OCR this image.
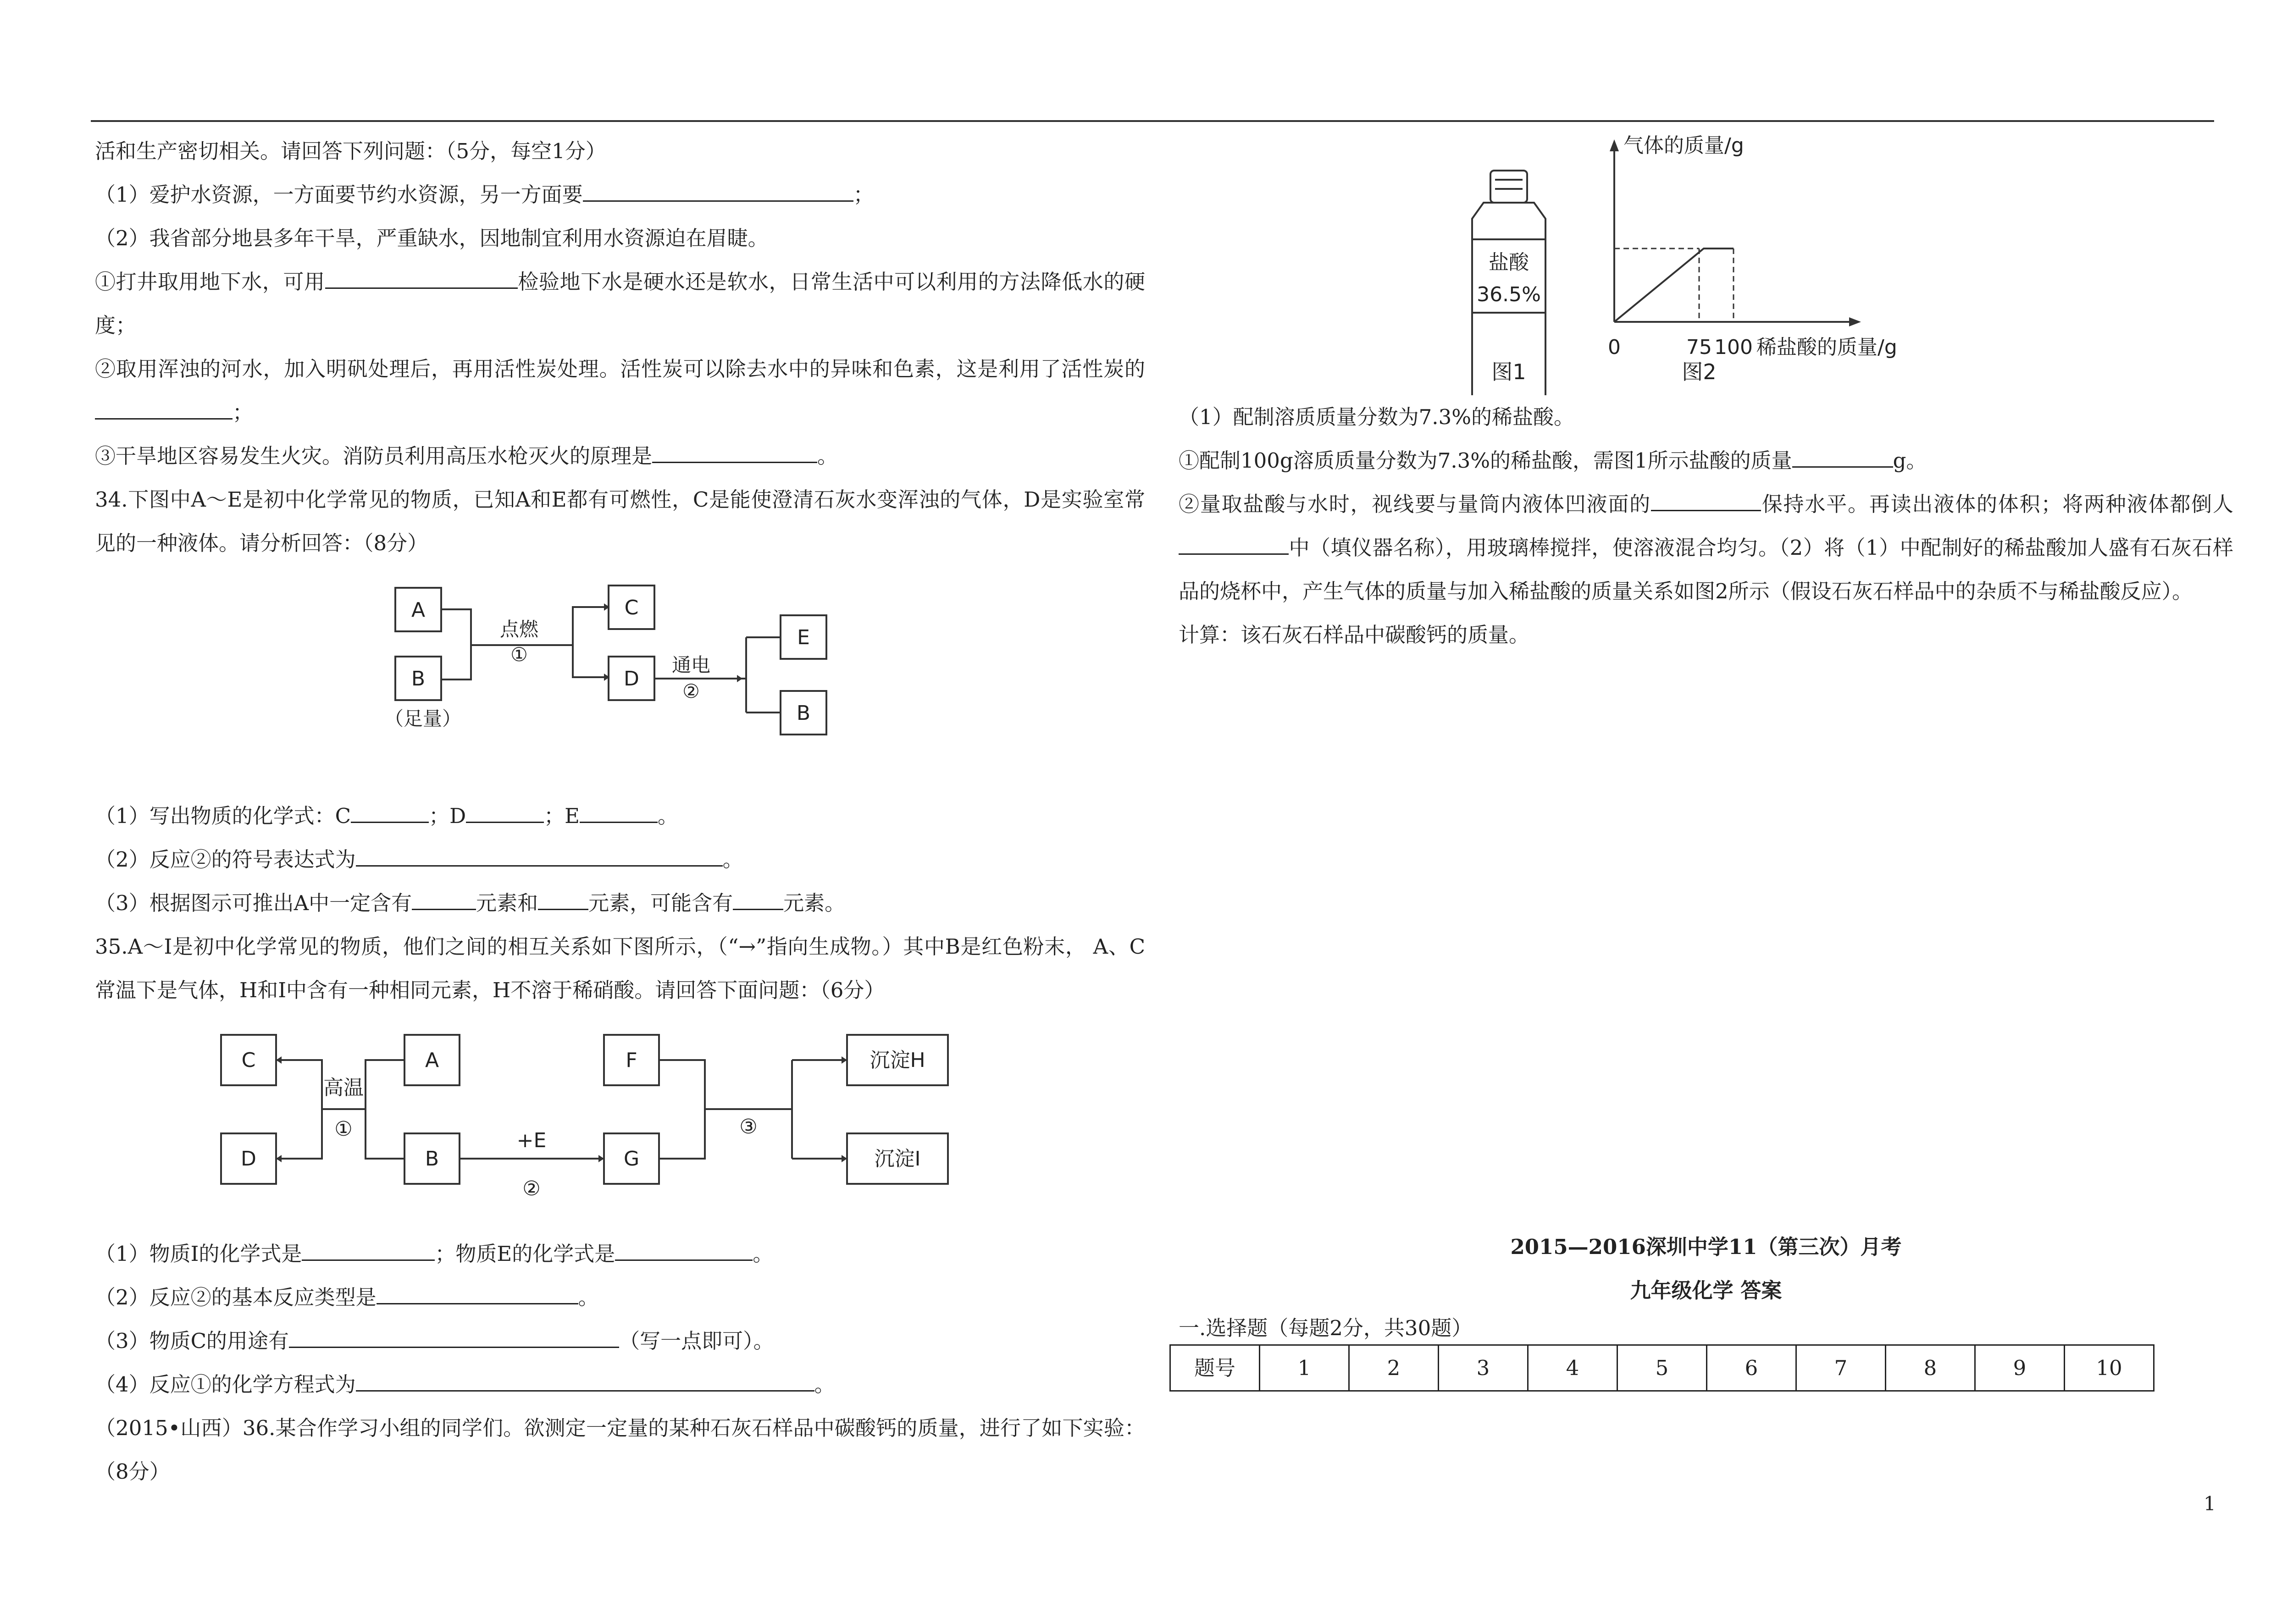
活和生产密切相关。请回答下列问题：（5分，每空1分）

（1）爱护水资源，一方面要节约水资源，另一方面要	；

（2）我省部分地县多年干旱，严重缺水，因地制宜利用水资源迫在眉睫。

①打井取用地下水，可用	检验地下水是硬水还是软水，日常生活中可以利用的方法降低水的硬度；

②取用浑浊的河水，加入明矾处理后，再用活性炭处理。活性炭可以除去水中的异味和色素，这是利用了活性炭的；

③干旱地区容易发生火灾。消防员利用高压水枪灭火的原理是	。

34.下图中A～E是初中化学常见的物质，已知A和E都有可燃性，C是能使澄清石灰水变浑浊的气体，D是实验室常见的一种液体。请分析回答：（8分）

A
B
C
D
E
B
（足量）
点燃
①	通电
②

（1）写出物质的化学式：C	；D	；E	。

（2）反应②的符号表达式为	。

（3）根据图示可推出A中一定含有	元素和 元素，可能含有 元素。

35.A～I是初中化学常见的物质，他们之间的相互关系如下图所示，（“→”指向生成物。）其中B是红色粉末， A、C常温下是气体，H和I中含有一种相同元素，H不溶于稀硝酸。请回答下面问题：（6分）

C
D
A
B
F
G
沉淀H
沉淀I
高温
①	+E
②
③

（1）物质I的化学式是	；物质E的化学式是	。

（2）反应②的基本反应类型是	。

（3）物质C的用途有	（写一点即可）。

（4）反应①的化学方程式为	。

（2015•山西）36.某合作学习小组的同学们。欲测定一定量的某种石灰石样品中碳酸钙的质量，进行了如下实验：（8分）

盐酸
36.5%
图1
气体的质量/g
0	75 100 稀盐酸的质量/g
图2

（1）配制溶质质量分数为7.3%的稀盐酸。

①配制100g溶质质量分数为7.3%的稀盐酸，需图1所示盐酸的质量	g。

②量取盐酸与水时，视线要与量筒内液体凹液面的	保持水平。再读出液体的体积；将两种液体都倒人中（填仪器名称），用玻璃棒搅拌，使溶液混合均匀。（2）将（1）中配制好的稀盐酸加人盛有石灰石样品的烧杯中，产生气体的质量与加入稀盐酸的质量关系如图2所示（假设石灰石样品中的杂质不与稀盐酸反应）。

计算：该石灰石样品中碳酸钙的质量。

2015—2016深圳中学11（第三次）月考

九年级化学 答案

一.选择题（每题2分，共30题）

题号	1	2	3	4	5	6	7	8	9	10
1
